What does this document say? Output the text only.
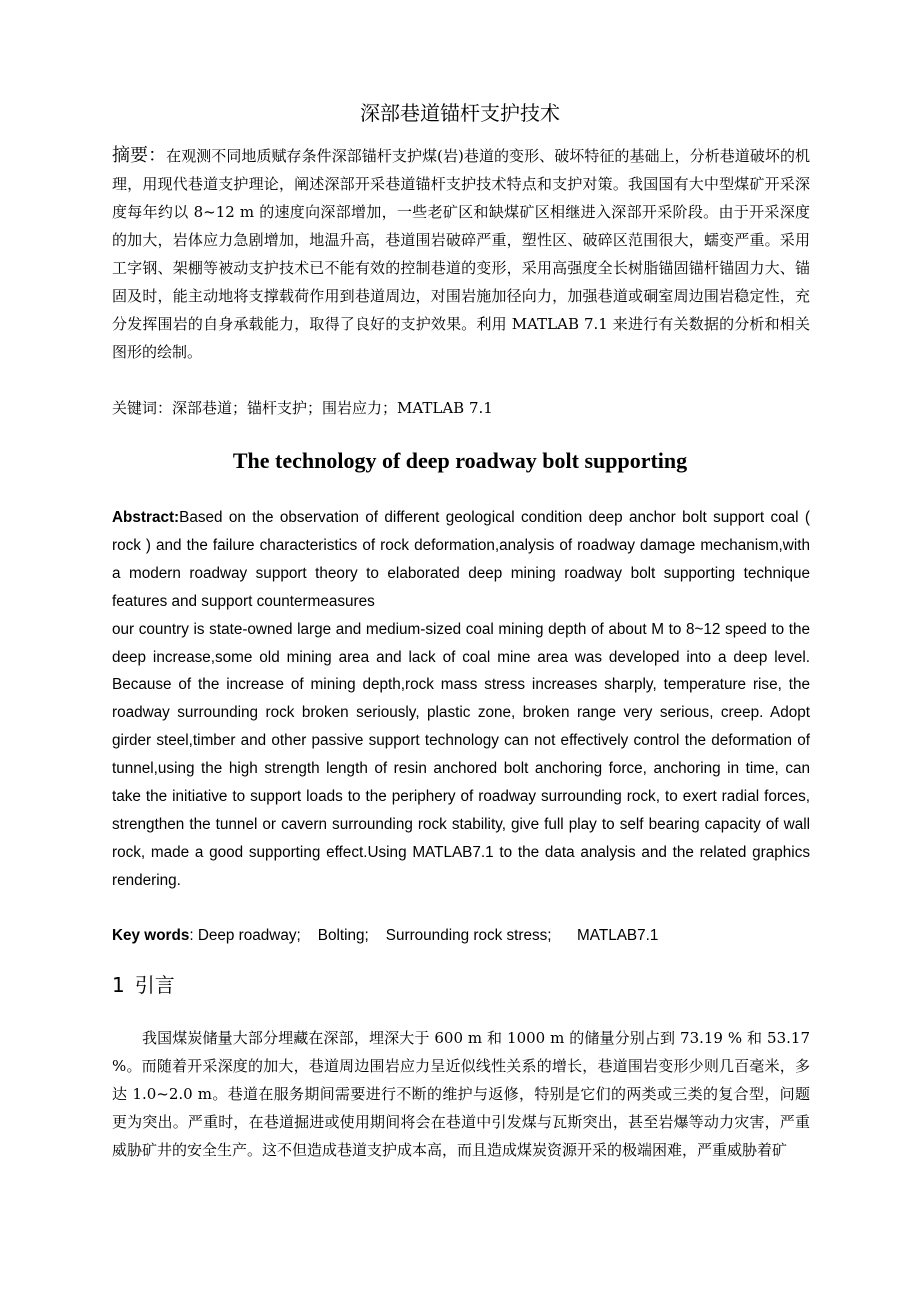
深部巷道锚杆支护技术
摘要：在观测不同地质赋存条件深部锚杆支护煤(岩)巷道的变形、破坏特征的基础上，分析巷道破坏的机理，用现代巷道支护理论，阐述深部开采巷道锚杆支护技术特点和支护对策。我国国有大中型煤矿开采深度每年约以 8~12 m 的速度向深部增加，一些老矿区和缺煤矿区相继进入深部开采阶段。由于开采深度的加大，岩体应力急剧增加，地温升高，巷道围岩破碎严重，塑性区、破碎区范围很大，蠕变严重。采用工字钢、架棚等被动支护技术已不能有效的控制巷道的变形，采用高强度全长树脂锚固锚杆锚固力大、锚固及时，能主动地将支撑载荷作用到巷道周边，对围岩施加径向力，加强巷道或硐室周边围岩稳定性，充分发挥围岩的自身承载能力，取得了良好的支护效果。利用 MATLAB 7.1 来进行有关数据的分析和相关图形的绘制。
关键词：深部巷道；锚杆支护；围岩应力；MATLAB 7.1
The technology of deep roadway bolt supporting

Abstract:Based on the observation of different geological condition deep anchor bolt support coal ( rock ) and the failure characteristics of rock deformation,analysis of roadway damage mechanism,with a modern roadway support theory to elaborated deep mining roadway bolt supporting technique features and support countermeasures

our country is state-owned large and medium-sized coal mining depth of about M to 8~12 speed to the deep increase,some old mining area and lack of coal mine area was developed into a deep level. Because of the increase of mining depth,rock mass stress increases sharply, temperature rise, the roadway surrounding rock broken seriously, plastic zone, broken range very serious, creep. Adopt girder steel,timber and other passive support technology can not effectively control the deformation of tunnel,using the high strength length of resin anchored bolt anchoring force, anchoring in time, can take the initiative to support loads to the periphery of roadway surrounding rock, to exert radial forces, strengthen the tunnel or cavern surrounding rock stability, give full play to self bearing capacity of wall rock, made a good supporting effect.Using MATLAB7.1 to the data analysis and the related graphics rendering.

Key words: Deep roadway;    Bolting;    Surrounding rock stress;      MATLAB7.1
1 引言
我国煤炭储量大部分埋藏在深部，埋深大于 600 m 和 1000 m 的储量分别占到 73.19 % 和 53.17 %。而随着开采深度的加大，巷道周边围岩应力呈近似线性关系的增长，巷道围岩变形少则几百毫米，多达 1.0~2.0 m。巷道在服务期间需要进行不断的维护与返修，特别是它们的两类或三类的复合型，问题更为突出。严重时，在巷道掘进或使用期间将会在巷道中引发煤与瓦斯突出，甚至岩爆等动力灾害，严重威胁矿井的安全生产。这不但造成巷道支护成本高，而且造成煤炭资源开采的极端困难，严重威胁着矿
